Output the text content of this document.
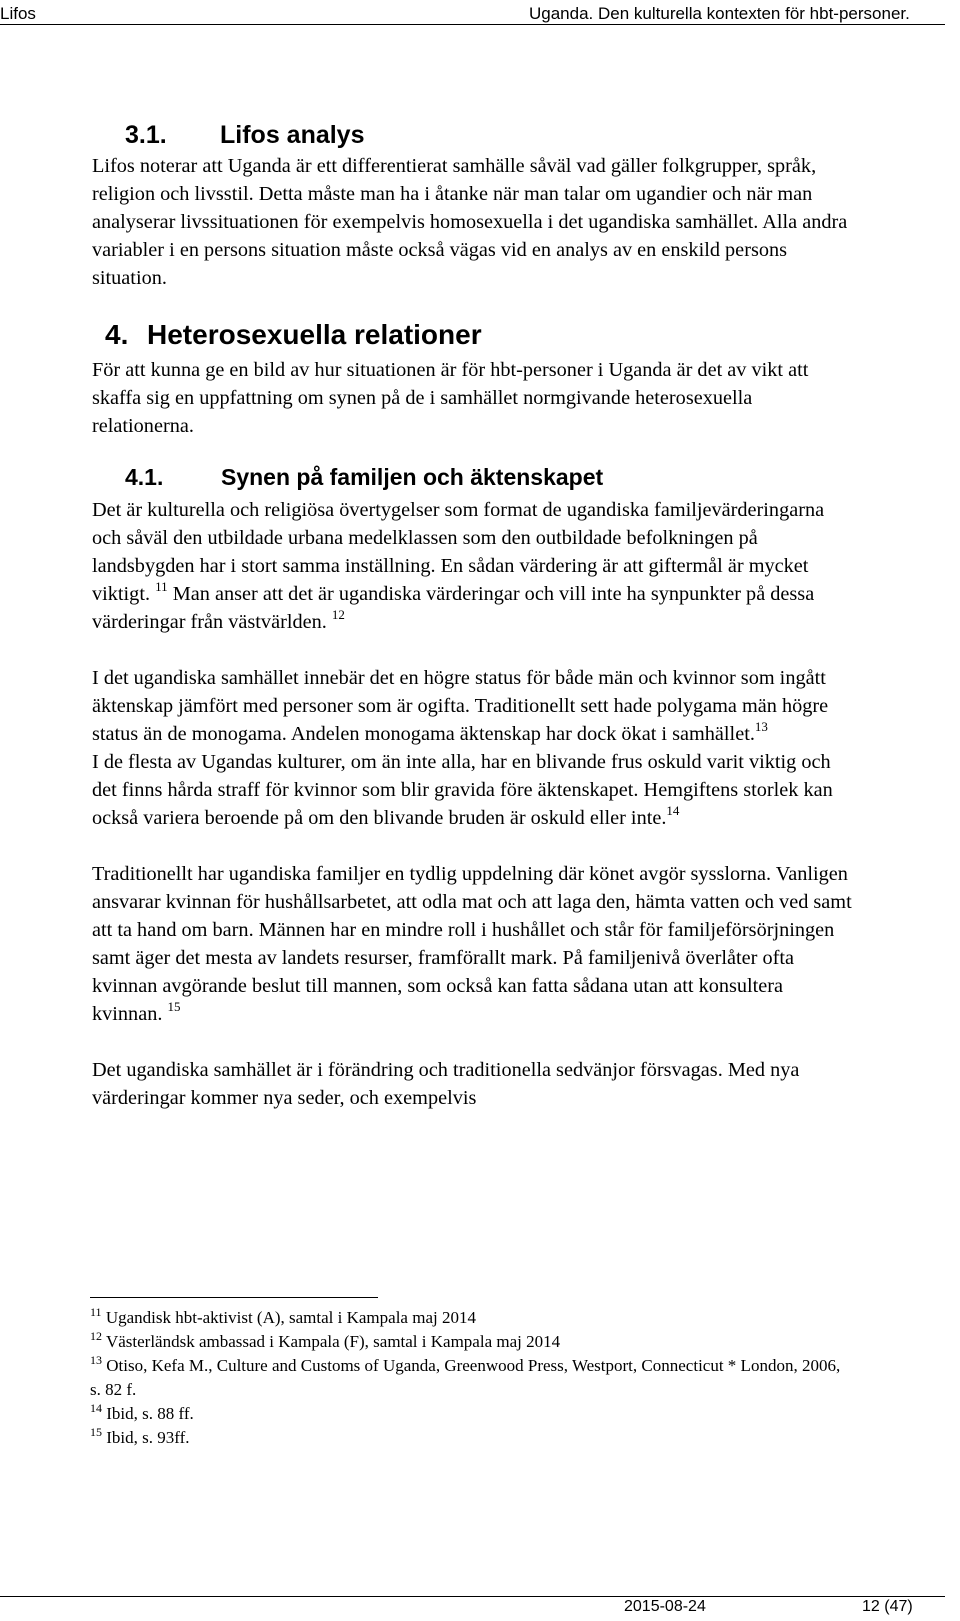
Lifos	Uganda. Den kulturella kontexten för hbt-personer.
3.1. Lifos analys

Lifos noterar att Uganda är ett differentierat samhälle såväl vad gäller folkgrupper, språk, religion och livsstil. Detta måste man ha i åtanke när man talar om ugandier och när man analyserar livssituationen för exempelvis homosexuella i det ugandiska samhället. Alla andra variabler i en persons situation måste också vägas vid en analys av en enskild persons situation.

4. Heterosexuella relationer

För att kunna ge en bild av hur situationen är för hbt-personer i Uganda är det av vikt att skaffa sig en uppfattning om synen på de i samhället normgivande heterosexuella relationerna.

4.1.	Synen på familjen och äktenskapet

Det är kulturella och religiösa övertygelser som format de ugandiska familjevärderingarna och såväl den utbildade urbana medelklassen som den outbildade befolkningen på landsbygden har i stort samma inställning. En sådan värdering är att giftermål är mycket viktigt. $^{11}$ Man anser att det är ugandiska värderingar och vill inte ha synpunkter på dessa värderingar från västvärlden. $^{12}$

I det ugandiska samhället innebär det en högre status för både män och kvinnor som ingått äktenskap jämfört med personer som är ogifta. Traditionellt sett hade polygama män högre status än de monogama. Andelen monogama äktenskap har dock ökat i samhället.$^{13}$
I de flesta av Ugandas kulturer, om än inte alla, har en blivande frus oskuld varit viktig och det finns hårda straff för kvinnor som blir gravida före äktenskapet. Hemgiftens storlek kan också variera beroende på om den blivande bruden är oskuld eller inte.$^{14}$

Traditionellt har ugandiska familjer en tydlig uppdelning där könet avgör sysslorna. Vanligen ansvarar kvinnan för hushållsarbetet, att odla mat och att laga den, hämta vatten och ved samt att ta hand om barn. Männen har en mindre roll i hushållet och står för familjeförsörjningen samt äger det mesta av landets resurser, framförallt mark. På familjenivå överlåter ofta kvinnan avgörande beslut till mannen, som också kan fatta sådana utan att konsultera kvinnan. $^{15}$

Det ugandiska samhället är i förändring och traditionella sedvänjor försvagas. Med nya värderingar kommer nya seder, och exempelvis

$^{11}$ Ugandisk hbt-aktivist (A), samtal i Kampala maj 2014
$^{12}$ Västerländsk ambassad i Kampala (F), samtal i Kampala maj 2014
$^{13}$ Otiso, Kefa M., Culture and Customs of Uganda, Greenwood Press, Westport, Connecticut * London, 2006, s. 82 f.
$^{14}$ Ibid, s. 88 ff.
$^{15}$ Ibid, s. 93ff.
2015-08-24	12 (47)
